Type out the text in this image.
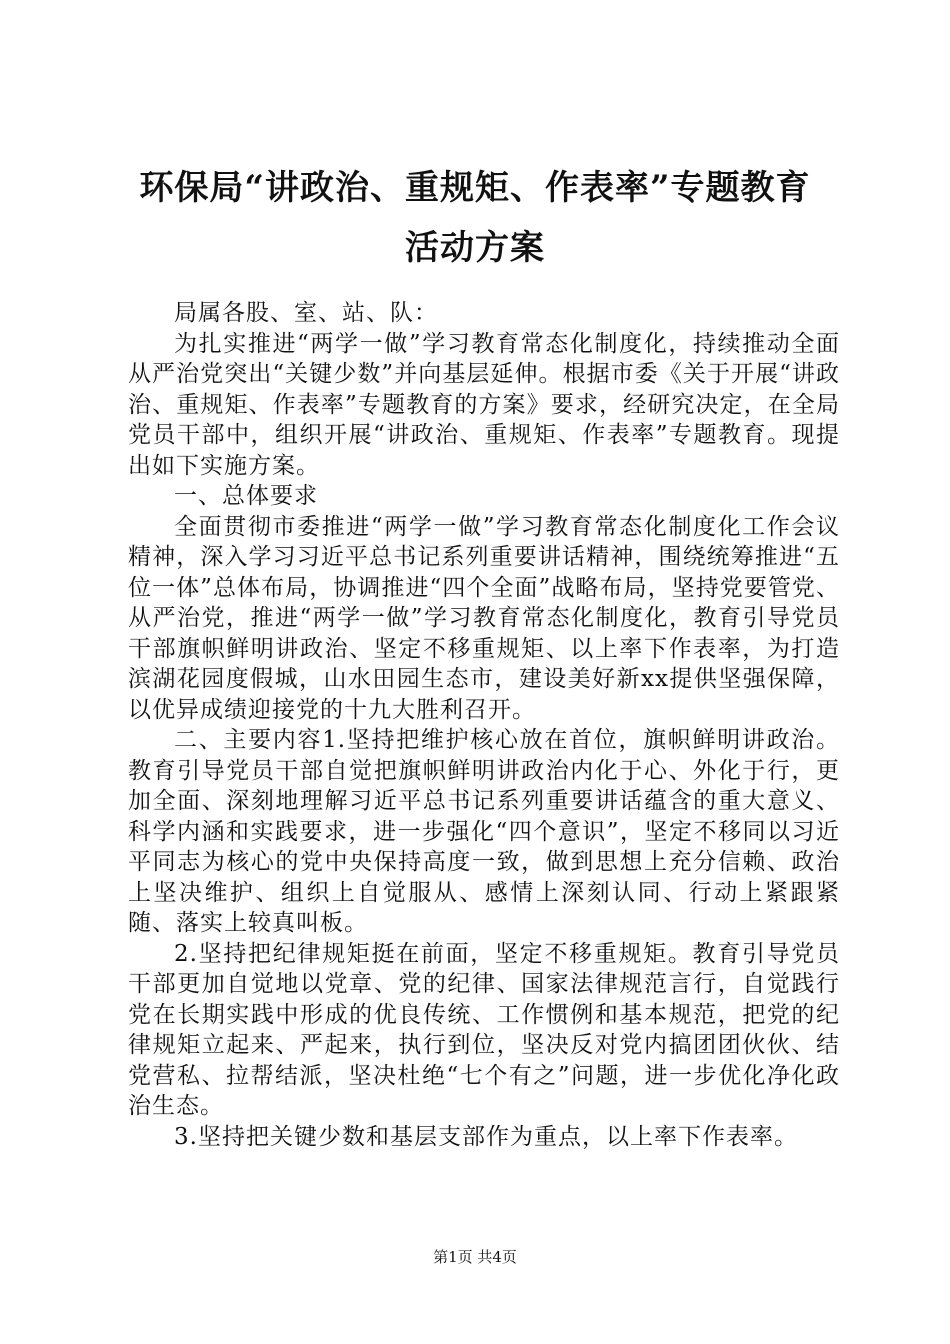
环保局“讲政治、重规矩、作表率”专题教育
活动方案

局属各股、室、站、队：

为扎实推进“两学一做”学习教育常态化制度化，持续推动全面从严治党突出“关键少数”并向基层延伸。根据市委《关于开展“讲政治、重规矩、作表率”专题教育的方案》要求，经研究决定，在全局党员干部中，组织开展“讲政治、重规矩、作表率”专题教育。现提出如下实施方案。

一、总体要求

全面贯彻市委推进“两学一做”学习教育常态化制度化工作会议精神，深入学习习近平总书记系列重要讲话精神，围绕统筹推进“五位一体”总体布局，协调推进“四个全面”战略布局，坚持党要管党、从严治党，推进“两学一做”学习教育常态化制度化，教育引导党员干部旗帜鲜明讲政治、坚定不移重规矩、以上率下作表率，为打造滨湖花园度假城，山水田园生态市，建设美好新xx提供坚强保障，以优异成绩迎接党的十九大胜利召开。

二、主要内容1.坚持把维护核心放在首位，旗帜鲜明讲政治。教育引导党员干部自觉把旗帜鲜明讲政治内化于心、外化于行，更加全面、深刻地理解习近平总书记系列重要讲话蕴含的重大意义、科学内涵和实践要求，进一步强化“四个意识”，坚定不移同以习近平同志为核心的党中央保持高度一致，做到思想上充分信赖、政治上坚决维护、组织上自觉服从、感情上深刻认同、行动上紧跟紧随、落实上较真叫板。

2.坚持把纪律规矩挺在前面，坚定不移重规矩。教育引导党员干部更加自觉地以党章、党的纪律、国家法律规范言行，自觉践行党在长期实践中形成的优良传统、工作惯例和基本规范，把党的纪律规矩立起来、严起来，执行到位，坚决反对党内搞团团伙伙、结党营私、拉帮结派，坚决杜绝“七个有之”问题，进一步优化净化政治生态。

3.坚持把关键少数和基层支部作为重点，以上率下作表率。

第1页 共4页
